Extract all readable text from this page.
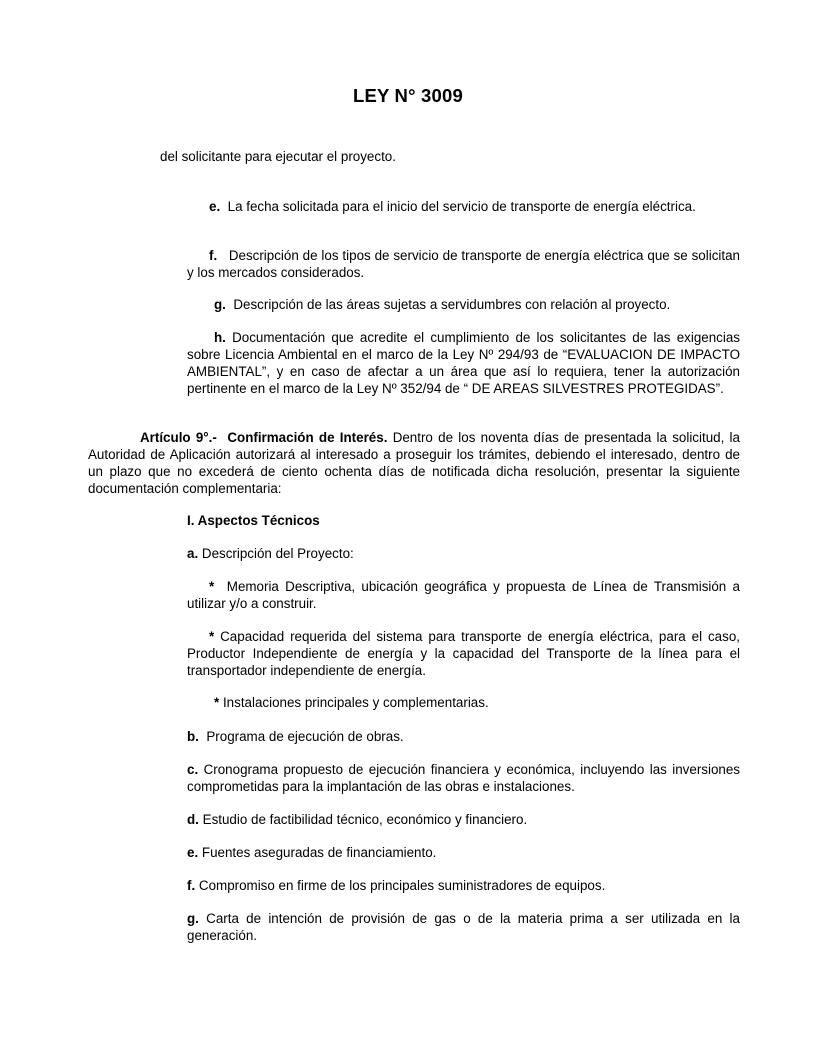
LEY N° 3009

del solicitante para ejecutar el proyecto.

e. La fecha solicitada para el inicio del servicio de transporte de energía eléctrica.

f. Descripción de los tipos de servicio de transporte de energía eléctrica que se solicitan y los mercados considerados.

g. Descripción de las áreas sujetas a servidumbres con relación al proyecto.

h. Documentación que acredite el cumplimiento de los solicitantes de las exigencias sobre Licencia Ambiental en el marco de la Ley Nº 294/93 de “EVALUACION DE IMPACTO AMBIENTAL”, y en caso de afectar a un área que así lo requiera, tener la autorización pertinente en el marco de la Ley Nº 352/94 de “ DE AREAS SILVESTRES PROTEGIDAS”.

Artículo 9°.- Confirmación de Interés. Dentro de los noventa días de presentada la solicitud, la Autoridad de Aplicación autorizará al interesado a proseguir los trámites, debiendo el interesado, dentro de un plazo que no excederá de ciento ochenta días de notificada dicha resolución, presentar la siguiente documentación complementaria:

I. Aspectos Técnicos

a. Descripción del Proyecto:

* Memoria Descriptiva, ubicación geográfica y propuesta de Línea de Transmisión a utilizar y/o a construir.

* Capacidad requerida del sistema para transporte de energía eléctrica, para el caso, Productor Independiente de energía y la capacidad del Transporte de la línea para el transportador independiente de energía.

* Instalaciones principales y complementarias.

b. Programa de ejecución de obras.

c. Cronograma propuesto de ejecución financiera y económica, incluyendo las inversiones comprometidas para la implantación de las obras e instalaciones.

d. Estudio de factibilidad técnico, económico y financiero.

e. Fuentes aseguradas de financiamiento.

f. Compromiso en firme de los principales suministradores de equipos.

g. Carta de intención de provisión de gas o de la materia prima a ser utilizada en la generación.
